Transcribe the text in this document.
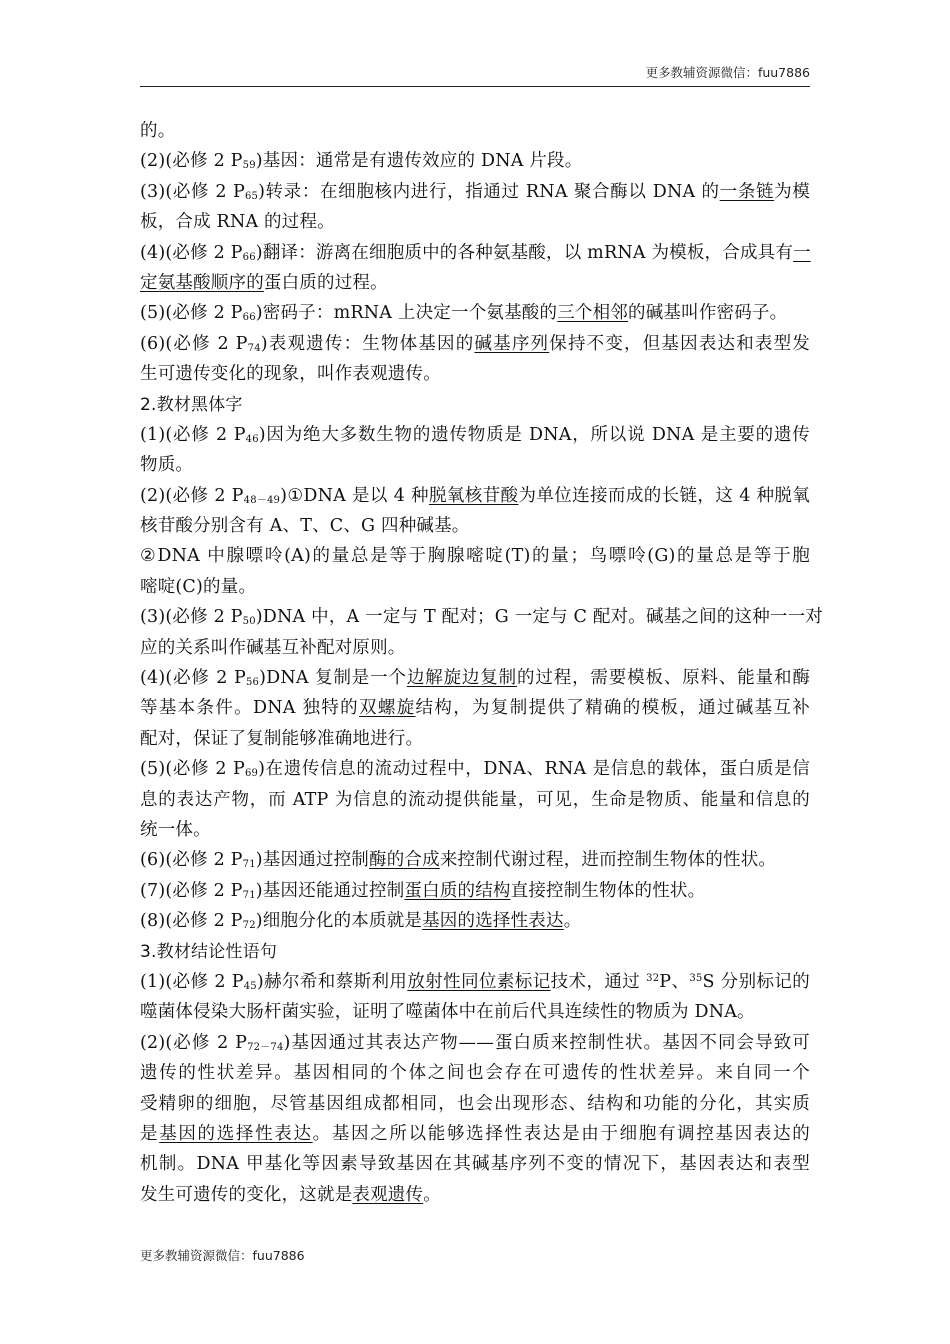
更多教辅资源微信：fuu7886
的。
(2)(必修 2 $P_{59}$)基因：通常是有遗传效应的 DNA 片段。
(3)(必修 2 $P_{65}$)转录：在细胞核内进行，指通过 RNA 聚合酶以 DNA 的一条链为模
板，合成 RNA 的过程。
(4)(必修 2 $P_{66}$)翻译：游离在细胞质中的各种氨基酸，以 mRNA 为模板，合成具有一
定氨基酸顺序的蛋白质的过程。
(5)(必修 2 $P_{66}$)密码子：mRNA 上决定一个氨基酸的三个相邻的碱基叫作密码子。
(6)(必修 2 $P_{74}$)表观遗传：生物体基因的碱基序列保持不变，但基因表达和表型发
生可遗传变化的现象，叫作表观遗传。
2.教材黑体字
(1)(必修 2 $P_{46}$)因为绝大多数生物的遗传物质是 DNA，所以说 DNA 是主要的遗传
物质。
(2)(必修 2 $P_{48-49})①DNA$ 是以 4 种脱氧核苷酸为单位连接而成的长链，这 4 种脱氧
核苷酸分别含有 A、T、C、G 四种碱基。
②DNA 中腺嘌呤(A)的量总是等于胸腺嘧啶(T)的量；鸟嘌呤(G)的量总是等于胞
嘧啶(C)的量。
(3)(必修 2 $P_{50})DNA$ 中，A 一定与 T 配对；G 一定与 C 配对。碱基之间的这种一一对
应的关系叫作碱基互补配对原则。
(4)(必修 2 $P_{56})DNA$ 复制是一个边解旋边复制的过程，需要模板、原料、能量和酶
等基本条件。DNA 独特的双螺旋结构，为复制提供了精确的模板，通过碱基互补
配对，保证了复制能够准确地进行。
(5)(必修 2 $P_{69}$)在遗传信息的流动过程中，DNA、RNA 是信息的载体，蛋白质是信
息的表达产物，而 ATP 为信息的流动提供能量，可见，生命是物质、能量和信息的
统一体。
(6)(必修 2 $P_{71}$)基因通过控制酶的合成来控制代谢过程，进而控制生物体的性状。
(7)(必修 2 $P_{71}$)基因还能通过控制蛋白质的结构直接控制生物体的性状。
(8)(必修 2 $P_{72}$)细胞分化的本质就是基因的选择性表达。
3.教材结论性语句
(1)(必修 2 $P_{45}$)赫尔希和蔡斯利用放射性同位素标记技术，通过 $^{32}$P、$^{35}$S 分别标记的
噬菌体侵染大肠杆菌实验，证明了噬菌体中在前后代具连续性的物质为 DNA。
(2)(必修 2 $P_{72-74}$)基因通过其表达产物——蛋白质来控制性状。基因不同会导致可
遗传的性状差异。基因相同的个体之间也会存在可遗传的性状差异。来自同一个
受精卵的细胞，尽管基因组成都相同，也会出现形态、结构和功能的分化，其实质
是基因的选择性表达。基因之所以能够选择性表达是由于细胞有调控基因表达的
机制。DNA 甲基化等因素导致基因在其碱基序列不变的情况下，基因表达和表型
发生可遗传的变化，这就是表观遗传。
更多教辅资源微信：fuu7886
